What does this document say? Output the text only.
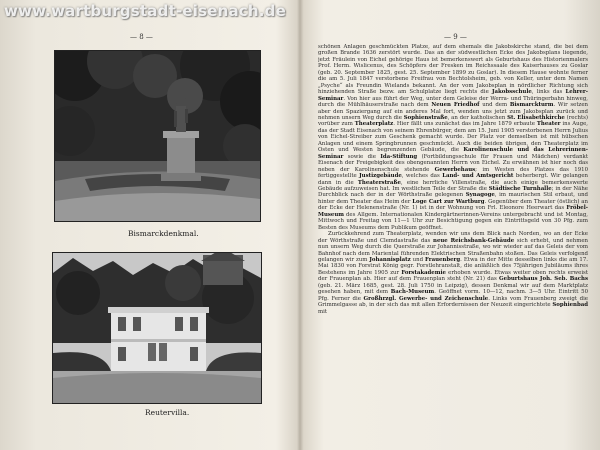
www.wartburgstadt-eisenach.de
— 8 —	— 9 —
Bismarckdenkmal.
Reutervilla.

schönen Anlagen geschmückten Platze, auf dem ehemals die Jakobskirche stand, die bei dem großen Brande 1636 zerstört wurde. Das an der südwestlichen Ecke des Jakobsplans liegende, jetzt Fräulein von Eichel gehörige Haus ist bemerkenswert als Geburtshaus des Historienmalers Prof. Herm. Wislicenus, des Schöpfers der Fresken im Reichssaale des Kaiserhauses zu Goslar (geb. 20. September 1825, gest. 25. September 1899 zu Goslar). In diesem Hause wohnte ferner die am 5. Juli 1847 verstorbene Freifrau von Bechtolsheim, geb. von Keller, unter dem Namen „Psyche“ als Freundin Wielands bekannt. An der vom Jakobsplan in nördlicher Richtung sich hinziehenden Straße bezw. am Schulplatze liegt rechts die Jakobsschule, links das Lehrer-Seminar. Von hier aus führt der Weg, unter dem Geleise der Werra- und Thüringerbahn hinweg, durch die Mühlhäuserstraße nach dem Neuen Friedhof und dem Bismarckturm. Wir setzen aber den Spaziergang auf ein anderes Mal fort, wenden uns jetzt zum Jakobsplan zurück und nehmen unsern Weg durch die Sophienstraße, an der katholischen St. Elisabethkirche (rechts) vorüber zum Theaterplatz. Hier fällt uns zunächst das im Jahre 1879 erbaute Theater ins Auge, das der Stadt Eisenach von seinem Ehrenbürger, dem am 15. Juni 1905 verstorbenen Herrn Julius von Eichel-Streiber zum Geschenk gemacht wurde. Der Platz vor demselben ist mit hübschen Anlagen und einem Springbrunnen geschmückt. Auch die beiden übrigen, den Theaterplatz im Osten und Westen begrenzenden Gebäude, die Karolinenschule und das Lehrerinnen-Seminar sowie die Ida-Stiftung (Fortbildungsschule für Frauen und Mädchen) verdankt Eisenach der Freigebigkeit des obengenannten Herrn von Eichel. Zu erwähnen ist hier noch das neben der Karolinenschule stehende Gewerbehaus; im Westen des Platzes das 1910 fertiggestellte Justizgebäude, welches das Land- und Amtsgericht beherbergt. Wir gelangen dann in die Theaterstraße, eine herrliche Villenstraße, die auch einige bemerkenswerte Gebäude aufzuweisen hat. Im westlichen Teile der Straße die Städtische Turnhalle; in der Nähe Durchblick nach der in der Wörthstraße gelegenen Synagoge, im maurischen Stil erbaut, und hinter dem Theater das Heim der Loge Cart zur Wartburg. Gegenüber dem Theater (östlich) an der Ecke der Helenenstraße (Nr. 1) ist in der Wohnung von Frl. Eleonore Heerwart das Fröbel-Museum des Allgem. Internationalen Kindergärtnerinnen-Vereins untergebracht und ist Montag, Mittwoch und Freitag von 11—1 Uhr zur Besichtigung gegen ein Eintrittsgeld von 30 Pfg. zum Besten des Museums dem Publikum geöffnet.

Zurückkehrend zum Theaterplatz, wenden wir uns dem Blick nach Norden, wo an der Ecke der Wörthstraße und Clemdastraße das neue Reichsbank-Gebäude sich erhebt, und nehmen nun unsern Weg durch die Querstraße zur Johannisstraße, wo wir wieder auf das Geleis der vom Bahnhof nach dem Mariental führenden Elektrischen Straßenbahn stoßen. Das Geleis verfolgend gelangen wir zum Johannisplatz und Frauenberg. Etwa in der Mitte desselben links die am 17. Mai 1830 von Forstrat König gegr. Forstlehranstalt, die anläßlich des 75jährigen Jubiläums ihres Bestehens im Jahre 1905 zur Forstakademie erhoben wurde. Etwas weiter oben rechts erweist der Frauenplan ab. Hier auf dem Frauenplan steht (Nr. 21) das Geburtshaus Joh. Seb. Bachs (geb. 21. März 1685, gest. 28. Juli 1750 in Leipzig), dessen Denkmal wir auf dem Marktplatz gesehen haben, mit dem Bach-Museum. Geöffnet vorm. 10—12, nachm. 3—5 Uhr. Eintritt 50 Pfg. Ferner die Großhrzgl. Gewerbe- und Zeichenschule. Links vom Frauenberg zweigt die Grimmelgasse ab, in der sich das mit allen Erfordernissen der Neuzeit eingerichtete Sophienbad mit
